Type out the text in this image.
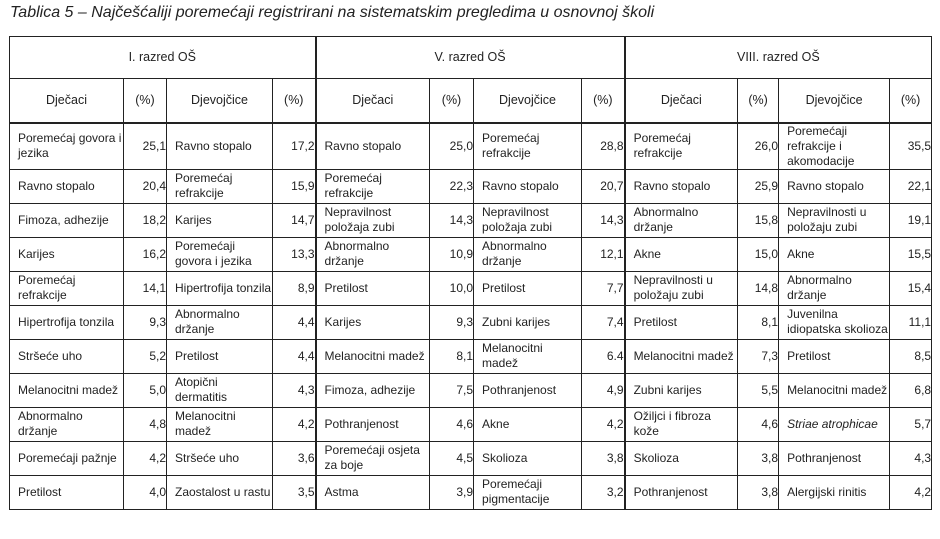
Tablica 5 – Najčešćaliji poremećaji registrirani na sistematskim pregledima u osnovnoj školi
I. razred OŠ				V. razred OŠ				VIII. razred OŠ			
Dječaci	(%)	Djevojčice	(%)	Dječaci	(%)	Djevojčice	(%)	Dječaci	(%)	Djevojčice	(%)
Poremećaj govora i jezika	25,1	Ravno stopalo	17,2	Ravno stopalo	25,0	Poremećaj refrakcije	28,8	Poremećaj refrakcije	26,0	Poremećaji refrakcije i akomodacije	35,5
Ravno stopalo	20,4	Poremećaj refrakcije	15,9	Poremećaj refrakcije	22,3	Ravno stopalo	20,7	Ravno stopalo	25,9	Ravno stopalo	22,1
Fimoza, adhezije	18,2	Karijes	14,7	Nepravilnost položaja zubi	14,3	Nepravilnost položaja zubi	14,3	Abnormalno držanje	15,8	Nepravilnosti u položaju zubi	19,1
Karijes	16,2	Poremećaji govora i jezika	13,3	Abnormalno držanje	10,9	Abnormalno držanje	12,1	Akne	15,0	Akne	15,5
Poremećaj refrakcije	14,1	Hipertrofija tonzila	8,9	Pretilost	10,0	Pretilost	7,7	Nepravilnosti u položaju zubi	14,8	Abnormalno držanje	15,4
Hipertrofija tonzila	9,3	Abnormalno držanje	4,4	Karijes	9,3	Zubni karijes	7,4	Pretilost	8,1	Juvenilna idiopatska skolioza	11,1
Stršeće uho	5,2	Pretilost	4,4	Melanocitni madež	8,1	Melanocitni madež	6.4	Melanocitni madež	7,3	Pretilost	8,5
Melanocitni madež	5,0	Atopični dermatitis	4,3	Fimoza, adhezije	7,5	Pothranjenost	4,9	Zubni karijes	5,5	Melanocitni madež	6,8
Abnormalno držanje	4,8	Melanocitni madež	4,2	Pothranjenost	4,6	Akne	4,2	Ožiljci i fibroza kože	4,6	Striae atrophicae	5,7
Poremećaji pažnje	4,2	Stršeće uho	3,6	Poremećaji osjeta za boje	4,5	Skolioza	3,8	Skolioza	3,8	Pothranjenost	4,3
Pretilost	4,0	Zaostalost u rastu	3,5	Astma	3,9	Poremećaji pigmentacije	3,2	Pothranjenost	3,8	Alergijski rinitis	4,2
